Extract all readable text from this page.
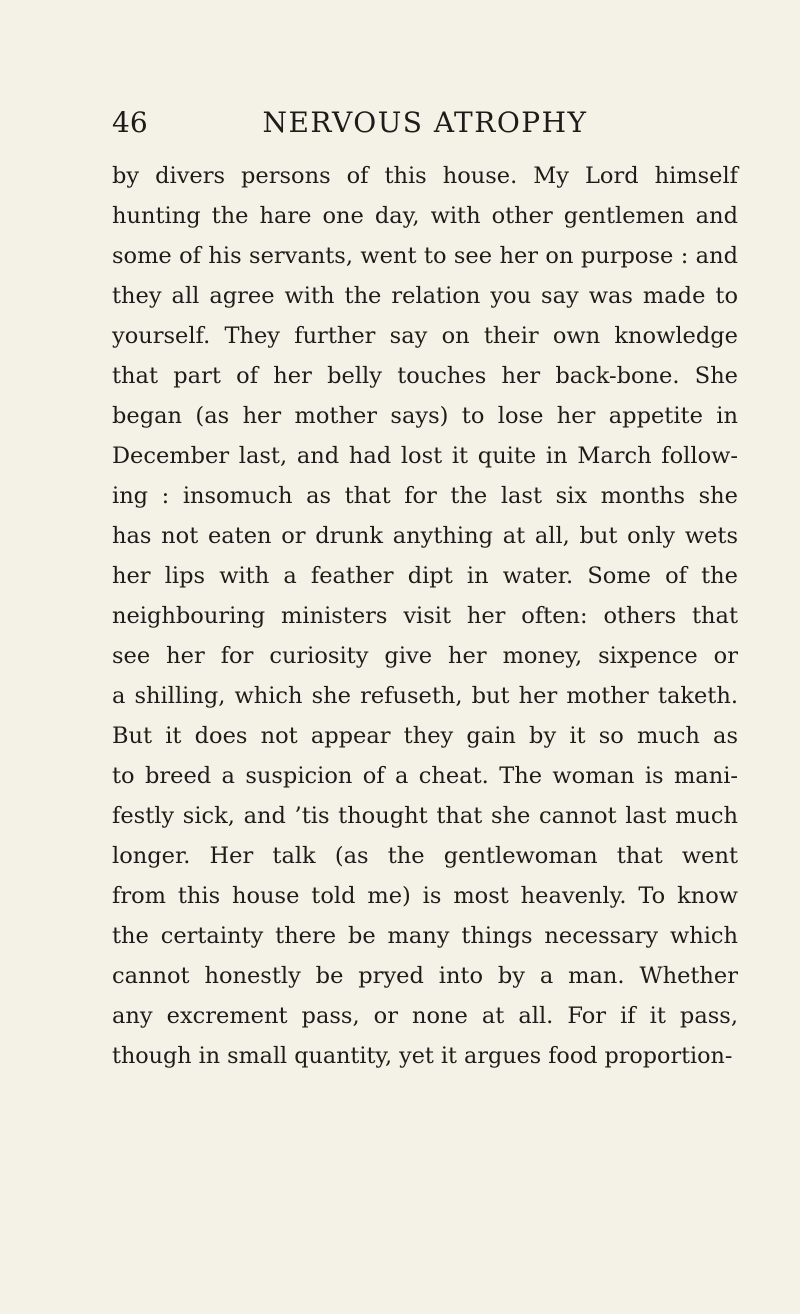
46	NERVOUS ATROPHY
by divers persons of this house. My Lord himself
hunting the hare one day, with other gentlemen and
some of his servants, went to see her on purpose : and
they all agree with the relation you say was made to
yourself. They further say on their own knowledge
that part of her belly touches her back-bone. She
began (as her mother says) to lose her appetite in
December last, and had lost it quite in March follow-
ing : insomuch as that for the last six months she
has not eaten or drunk anything at all, but only wets
her lips with a feather dipt in water. Some of the
neighbouring ministers visit her often: others that
see her for curiosity give her money, sixpence or
a shilling, which she refuseth, but her mother taketh.
But it does not appear they gain by it so much as
to breed a suspicion of a cheat. The woman is mani-
festly sick, and ’tis thought that she cannot last much
longer. Her talk (as the gentlewoman that went
from this house told me) is most heavenly. To know
the certainty there be many things necessary which
cannot honestly be pryed into by a man. Whether
any excrement pass, or none at all. For if it pass,
though in small quantity, yet it argues food proportion-
